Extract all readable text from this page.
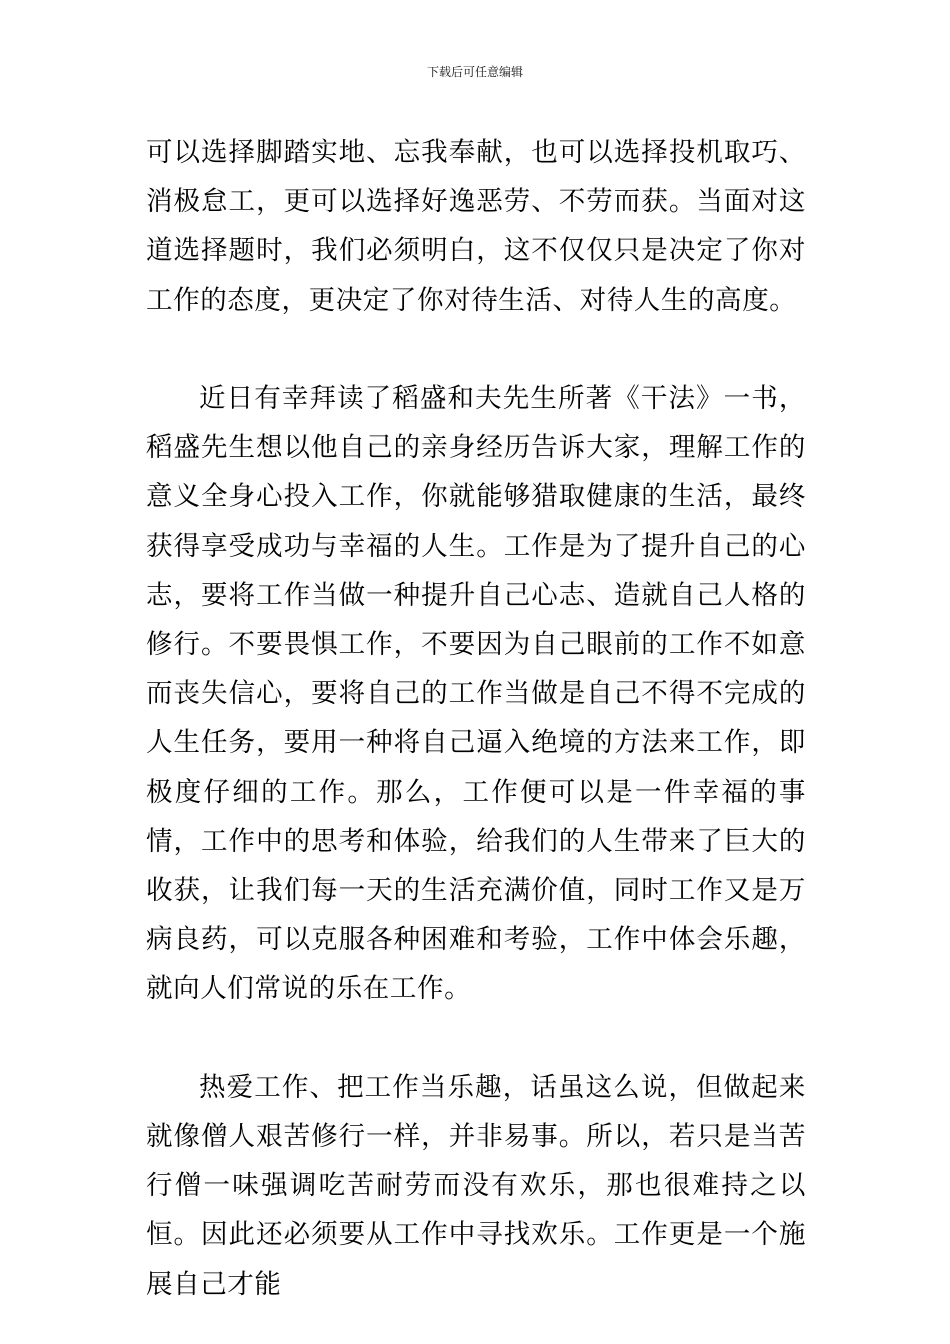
下载后可任意编辑

可以选择脚踏实地、忘我奉献，也可以选择投机取巧、消极怠工，更可以选择好逸恶劳、不劳而获。当面对这道选择题时，我们必须明白，这不仅仅只是决定了你对工作的态度，更决定了你对待生活、对待人生的高度。

近日有幸拜读了稻盛和夫先生所著《干法》一书，稻盛先生想以他自己的亲身经历告诉大家，理解工作的意义全身心投入工作，你就能够猎取健康的生活，最终获得享受成功与幸福的人生。工作是为了提升自己的心志，要将工作当做一种提升自己心志、造就自己人格的修行。不要畏惧工作，不要因为自己眼前的工作不如意而丧失信心，要将自己的工作当做是自己不得不完成的人生任务，要用一种将自己逼入绝境的方法来工作，即极度仔细的工作。那么，工作便可以是一件幸福的事情，工作中的思考和体验，给我们的人生带来了巨大的收获，让我们每一天的生活充满价值，同时工作又是万病良药，可以克服各种困难和考验，工作中体会乐趣，就向人们常说的乐在工作。

热爱工作、把工作当乐趣，话虽这么说，但做起来就像僧人艰苦修行一样，并非易事。所以，若只是当苦行僧一味强调吃苦耐劳而没有欢乐，那也很难持之以恒。因此还必须要从工作中寻找欢乐。工作更是一个施展自己才能
